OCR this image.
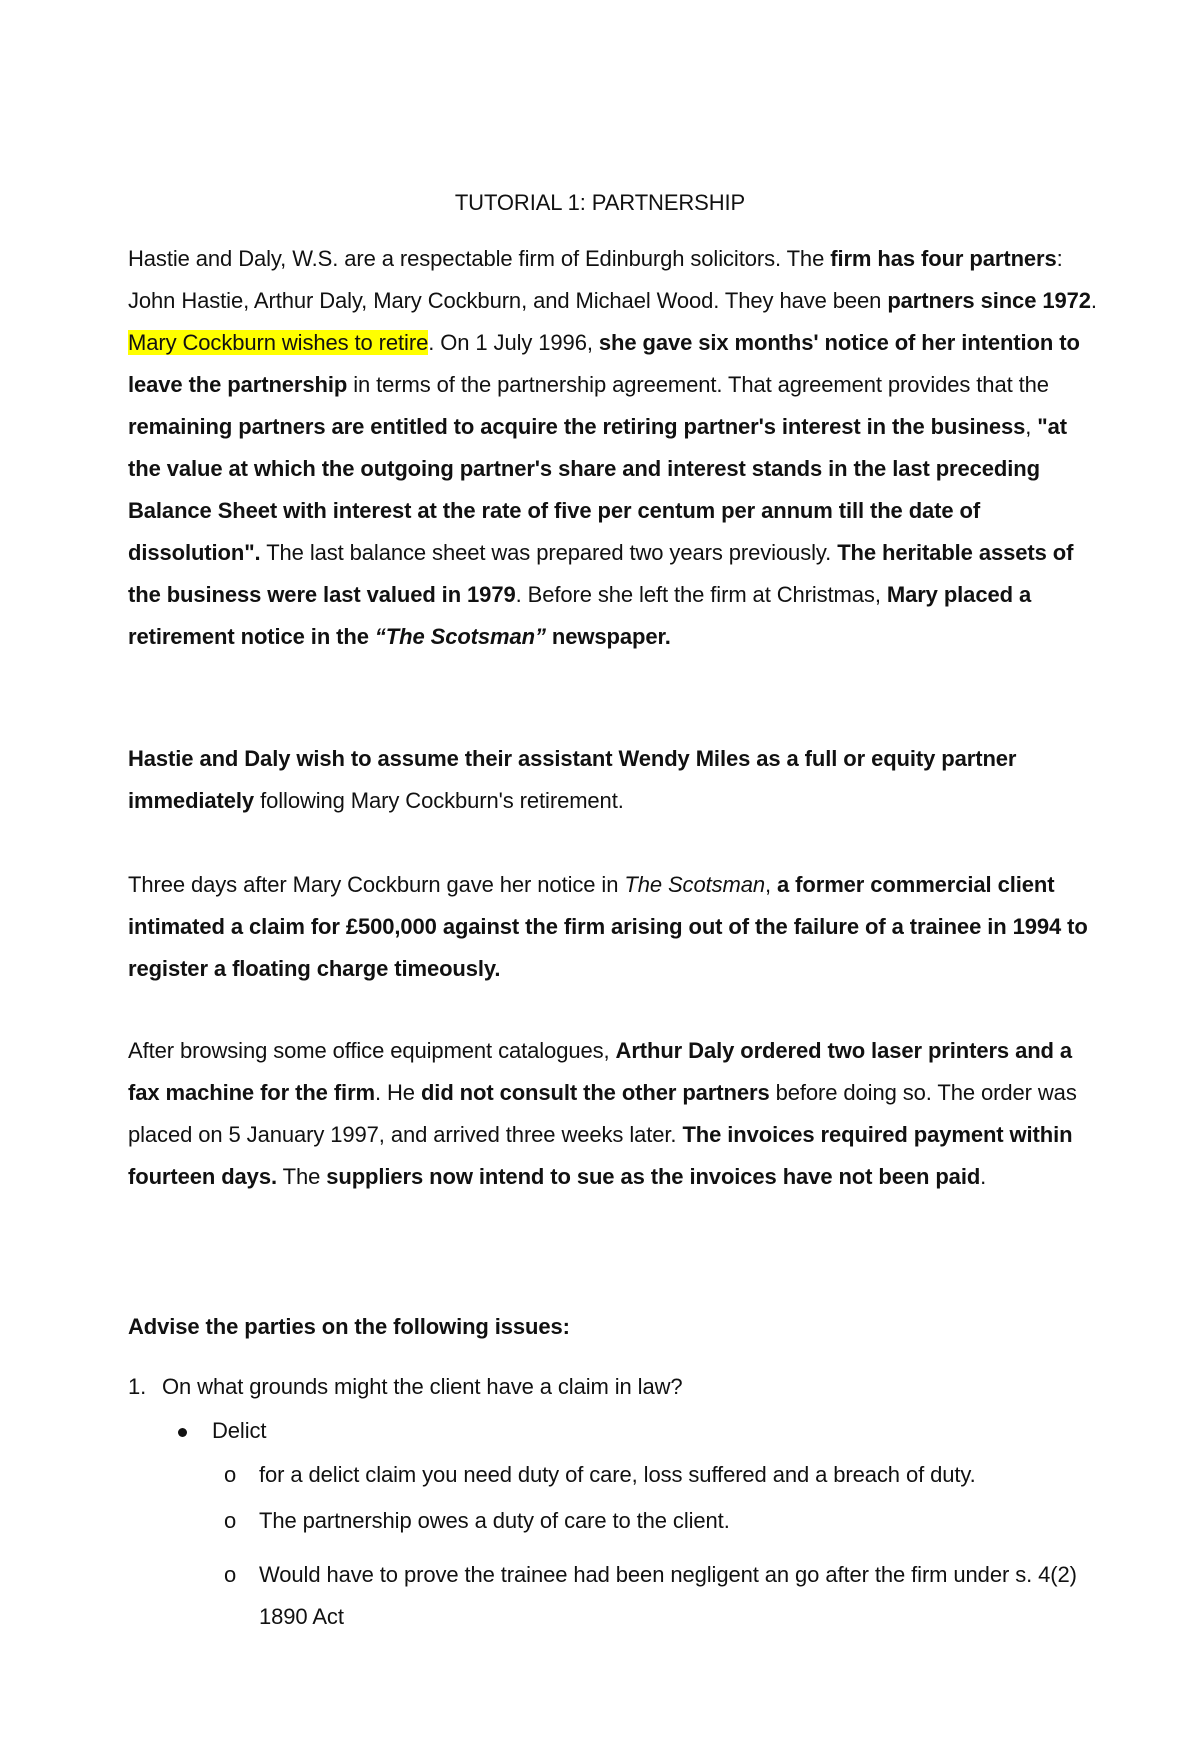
TUTORIAL 1: PARTNERSHIP

Hastie and Daly, W.S. are a respectable firm of Edinburgh solicitors. The firm has four partners: John Hastie, Arthur Daly, Mary Cockburn, and Michael Wood. They have been partners since 1972. Mary Cockburn wishes to retire. On 1 July 1996, she gave six months' notice of her intention to leave the partnership in terms of the partnership agreement. That agreement provides that the remaining partners are entitled to acquire the retiring partner's interest in the business, "at the value at which the outgoing partner's share and interest stands in the last preceding Balance Sheet with interest at the rate of five per centum per annum till the date of dissolution". The last balance sheet was prepared two years previously. The heritable assets of the business were last valued in 1979. Before she left the firm at Christmas, Mary placed a retirement notice in the “The Scotsman” newspaper.

Hastie and Daly wish to assume their assistant Wendy Miles as a full or equity partner immediately following Mary Cockburn's retirement.

Three days after Mary Cockburn gave her notice in The Scotsman, a former commercial client intimated a claim for £500,000 against the firm arising out of the failure of a trainee in 1994 to register a floating charge timeously.

After browsing some office equipment catalogues, Arthur Daly ordered two laser printers and a fax machine for the firm. He did not consult the other partners before doing so. The order was placed on 5 January 1997, and arrived three weeks later. The invoices required payment within fourteen days. The suppliers now intend to sue as the invoices have not been paid.

Advise the parties on the following issues:

1. On what grounds might the client have a claim in law?
Delict
o for a delict claim you need duty of care, loss suffered and a breach of duty.
o The partnership owes a duty of care to the client.
o Would have to prove the trainee had been negligent an go after the firm under s. 4(2) 1890 Act
